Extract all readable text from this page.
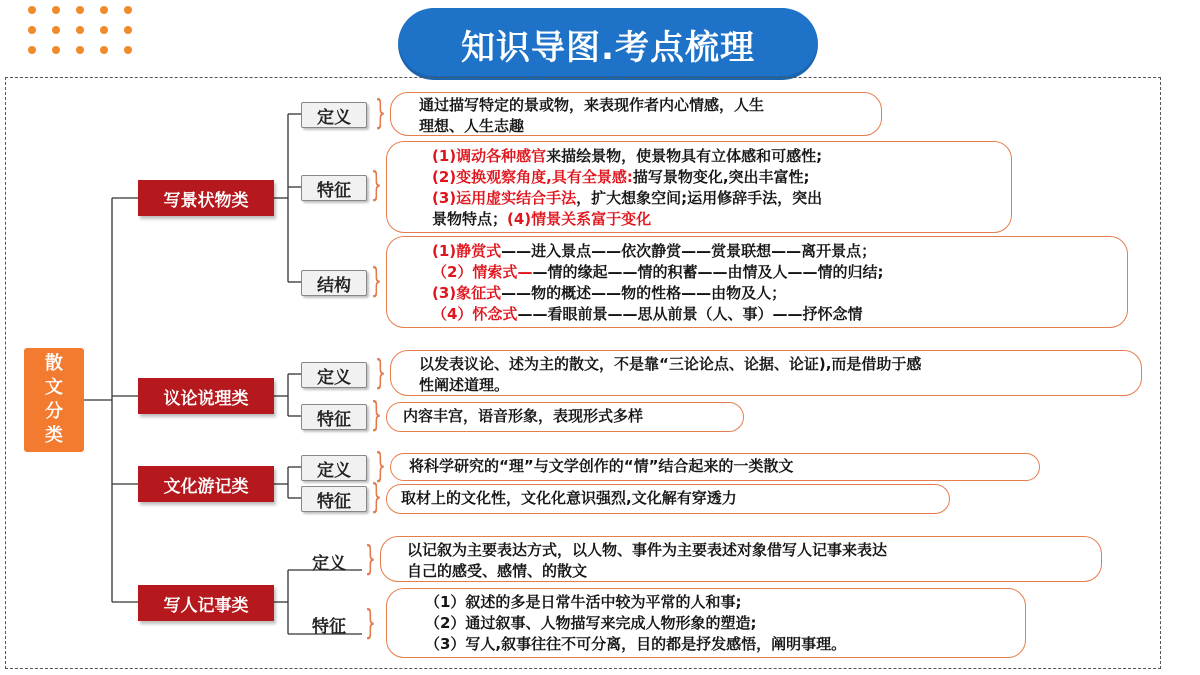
知识导图.考点梳理
散文分类
写景状物类
定义 } 通过描写特定的景或物，来表现作者内心情感，人生
理想、人生志趣
特征 }
(1)调动各种感官来描绘景物，使景物具有立体感和可感性;
(2)变换观察角度,具有全景感:描写景物变化,突出丰富性;
(3)运用虚实结合手法，扩大想象空间;运用修辞手法，突出
景物特点；(4)情景关系富于变化
结构 }
(1)静赏式——进入景点——依次静赏——赏景联想——离开景点；
（2）情索式——情的缘起——情的积蓄——由情及人——情的归结;
(3)象征式——物的概述——物的性格——由物及人；
（4）怀念式——看眼前景——思从前景（人、事）——抒怀念情
议论说理类
定义 } 以发表议论、述为主的散文，不是靠“三论论点、论据、论证),而是借助于感
性阐述道理。
特征 } 内容丰宫，语音形象，表现形式多样
文化游记类
定义 } 将科学研究的“理”与文学创作的“情”结合起来的一类散文
特征 } 取材上的文化性，文化化意识强烈,文化解有穿透力
写人记事类
定义 } 以记叙为主要表达方式，以人物、事件为主要表述对象借写人记事来表达
自己的感受、感情、的散文
特征 }
（1）叙述的多是日常牛活中较为平常的人和事;
（2）通过叙事、人物描写来完成人物形象的塑造;
（3）写人,叙事往往不可分离，目的都是抒发感悟，阐明事理。
